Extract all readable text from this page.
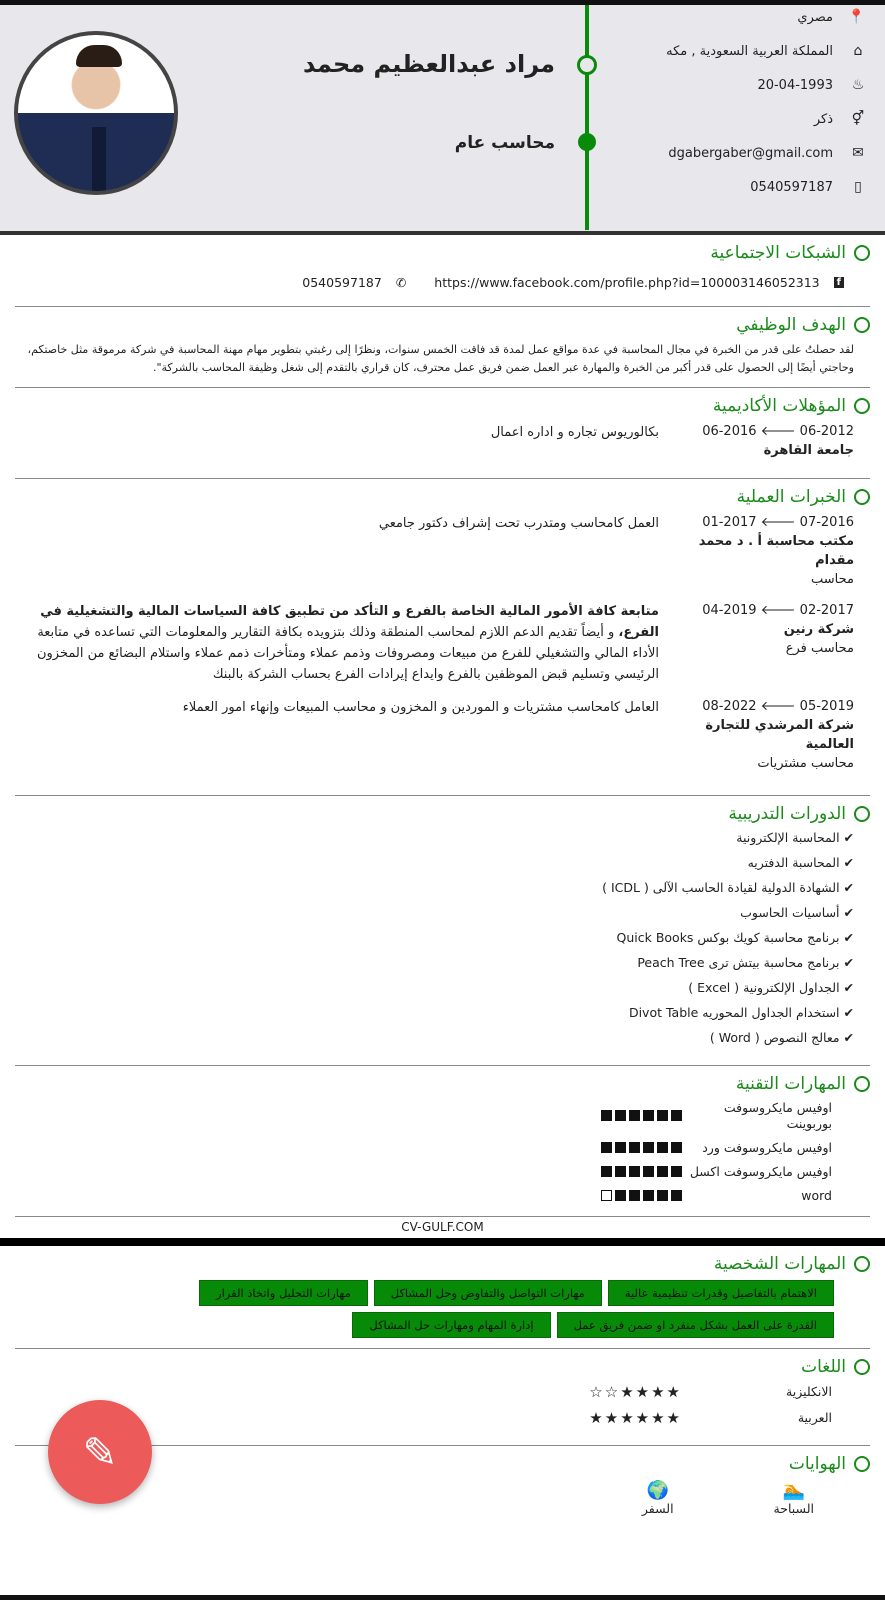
مراد عبدالعظيم محمد
محاسب عام
📍
مصري
⌂
المملكة العربية السعودية , مكه
♨
20-04-1993
⚥
ذكر
✉
dgabergaber@gmail.com
▯
0540597187
الشبكات الاجتماعية
f
https://www.facebook.com/profile.php?id=100003146052313
✆
0540597187
الهدف الوظيفي

لقد حصلتُ على قدر من الخبرة في مجال المحاسبة في عدة مواقع عمل لمدة قد فاقت الخمس سنوات، ونظرًا إلى رغبتي بتطوير مهام مهنة المحاسبة في شركة مرموقة مثل خاصتكم، وحاجتي أيضًا إلى الحصول على قدر أكبر من الخبرة والمهارة عبر العمل ضمن فريق عمل محترف، كان قراري بالتقدم إلى شغل وظيفة المحاسب بالشركة".

المؤهلات الأكاديمية
06-2012 🡐 06-2016
جامعة القاهرة
بكالوريوس تجاره و اداره اعمال
الخبرات العملية
07-2016 🡐 01-2017
مكتب محاسبة أ . د محمد مقدام
محاسب
العمل كامحاسب ومتدرب تحت إشراف دكتور جامعي
02-2017 🡐 04-2019
شركة رنين
محاسب فرع
متابعة كافة الأمور المالية الخاصة بالفرع و التأكد من تطبيق كافة السياسات المالية والتشغيلية في الفرع، و أيضاً تقديم الدعم اللازم لمحاسب المنطقة وذلك بتزويده بكافة التقارير والمعلومات التي تساعده في متابعة الأداء المالي والتشغيلي للفرع من مبيعات ومصروفات وذمم عملاء ومتأخرات ذمم عملاء واستلام البضائع من المخزون الرئيسي وتسليم قبض الموظفين بالفرع وايداع إيرادات الفرع بحساب الشركة بالبنك
05-2019 🡐 08-2022
شركة المرشدي للتجارة العالمية
محاسب مشتريات
العامل كامحاسب مشتريات و الموردين و المخزون و محاسب المبيعات وإنهاء امور العملاء
الدورات التدريبية
✔ المحاسبة الإلكترونية
✔ المحاسبة الدفتريه
✔ الشهادة الدولية لقيادة الحاسب الآلى ( ICDL )
✔ أساسيات الحاسوب
✔ برنامج محاسبة كويك بوكس Quick Books
✔ برنامج محاسبة بيتش ترى Peach Tree
✔ الجداول الإلكترونية ( Excel )
✔ استخدام الجداول المحوريه Divot Table
✔ معالج النصوص ( Word )
المهارات التقنية
اوفيس مايكروسوفت بوربوينت
اوفيس مايكروسوفت ورد
اوفيس مايكروسوفت اكسل
word
CV-GULF.COM
المهارات الشخصية
الاهتمام بالتفاصيل وقدرات تنظيمية عالية
مهارات التواصل والتفاوض وحل المشاكل
مهارات التحليل واتخاذ القرار
القدرة على العمل بشكل منفرد او ضمن فريق عمل
إدارة المهام ومهارات حل المشاكل
اللغات
الانكليزية
★★★★☆☆
العربية
★★★★★★
الهوايات
🏊
السباحة
🌍
السفر
✎
